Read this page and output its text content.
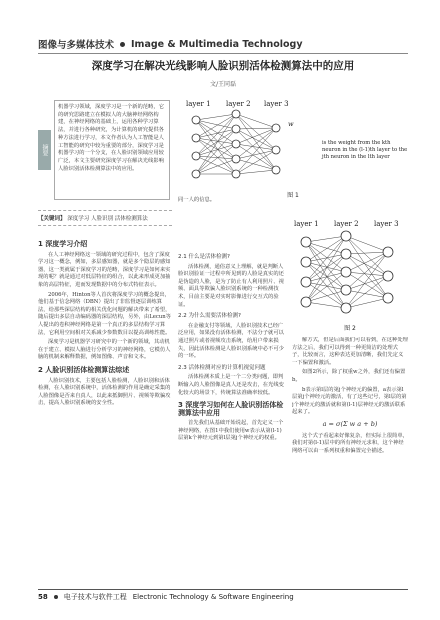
图像与多媒体技术 Image & Multimedia Technology
深度学习在解决光线影响人脸识别活体检测算法中的应用
文/王同磊
摘要
机器学习领域，深度学习是一个新的范畴，它的研究思路建立在模拟人的大脑神经网络构建，在神经网络的基础上，运用各种学习算法，并进行各种研究，为计算机的研究提供各种方法进行学习，本文作者认为人工智能是人工智能的研究中较为重要的部分，深度学习是机器学习的一个分支，在人脸识别领域应用较广泛，本文主要研究深度学习在解决光线影响人脸识别活体检测算法中的应用。
【关键词】 深度学习 人脸识别 活体检测算法
1 深度学习介绍

在人工神经网络这一领域的研究过程中，包含了深度学习这一概念，例如，多层感知器，就是多个隐层的感知器，这一类就属于深度学习的范畴，深度学习是如何来实现的呢？就是通过对低层特征的组合，以此来形成更加抽象的高层特征，进而发现数据中的分布式特征表示。

2006年，Hinton等人首次将深度学习的概念提出，他们基于信念网络（DBN）提出了非监督逐层训练算法，给那些深层结构的相关优化问题的解决带来了希望，随后提出多层自动编码器的深层结构，另外，由Lecun等人提出的卷积神经网络是第一个真正的多层结构学习算法，它利用空间相对关系减少参数数目以提高训练性能。

深度学习是机器学习研究中的一个新的领域，其动机在于建立、模拟人脑进行分析学习的神经网络，它模仿人脑的机制来解释数据，例如图像、声音和文本。

2 人脸识别活体检测算法综述

人脸识别技术，主要包括人脸检测，人脸识别和活体检测，在人脸识别系统中，活体检测的作用是确定采集的人脸图像是否来自真人，以此来抵御照片、视频等欺骗攻击，提高人脸识别系统的安全性。

layer 1 layer 2 layer 3
w
is the weight from the kth neuron in the (l-1)th layer to the jth neuron in the lth layer
图 1
同一人的信息。
2.1 什么是活体检测?

活体检测，通俗意义上理解，就是判断人脸识别验证一过程中所见到的人脸是真实的还是伪造的人脸，是为了防止有人利用照片、视频、面具等欺骗人脸识别系统的一种检测技术，目前主要是对实时影像进行交互式的验证。

2.2 为什么需要活体检测?

在金融支付等领域，人脸识别技术已经广泛应用，如果没有活体检测，不法分子就可以通过照片或者视频攻击系统，给用户带来损失，因此活体检测是人脸识别系统中必不可少的一环。

2.3 活体检测对应的计算机视觉问题

活体检测本质上是一个二分类问题，即判断输入的人脸图像是真人还是攻击，在光线变化较大的场景下，传统算法准确率较低。

3 深度学习如何在人脸识别活体检测算法中应用

首先我们从基础开始说起，首先定义一个神经网络，在图1中我们使用w表示从第(l-1)层第k个神经元到第l层第j个神经元的权重。

layer 1 layer 2 layer 3
图 2

解方式，但是后面我们可以看到，在这种处理方法之后，我们可以得到一种更简洁的处理式子，比较而言，这种表达更加清晰，我们先定义一下偏置和激活。

如图2所示，除了权重w之外，我们还有偏置b。

b表示第l层的第j个神经元的偏置，a表示第l层第j个神经元的激活，有了这些记号，第l层的第j个神经元的激活就和第(l-1)层神经元的激活联系起来了。

a = σ(Σ w a + b)

这个式子看起来好像复杂，但实际上很简单，我们对第(l-1)层中的所有神经元求和，这个神经网络可以由一系列权重和偏置完全描述。

58 电子技术与软件工程 Electronic Technology & Software Engineering
